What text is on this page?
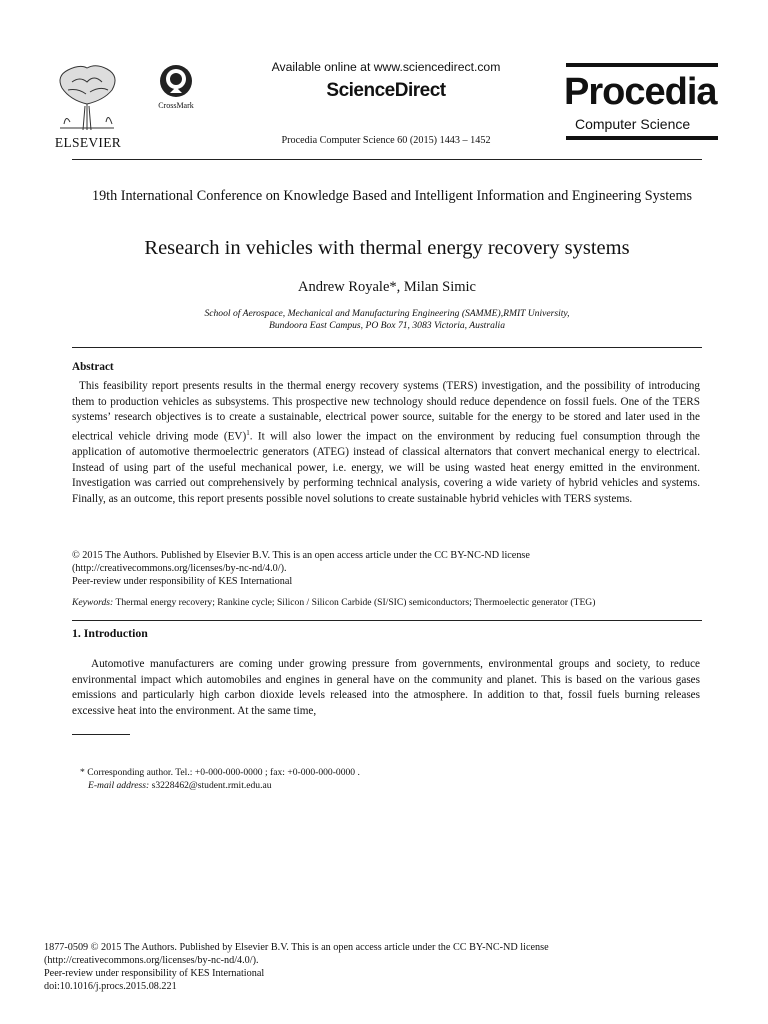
ELSEVIER
CrossMark
Available online at www.sciencedirect.com
ScienceDirect
Procedia Computer Science 60 (2015) 1443 – 1452
Procedia
Computer Science
19th International Conference on Knowledge Based and Intelligent Information and Engineering Systems
Research in vehicles with thermal energy recovery systems
Andrew Royale*, Milan Simic
School of Aerospace, Mechanical and Manufacturing Engineering (SAMME),RMIT University,
Bundoora East Campus, PO Box 71, 3083 Victoria, Australia
Abstract
This feasibility report presents results in the thermal energy recovery systems (TERS) investigation, and the possibility of introducing them to production vehicles as subsystems. This prospective new technology should reduce dependence on fossil fuels. One of the TERS systems’ research objectives is to create a sustainable, electrical power source, suitable for the energy to be stored and later used in the electrical vehicle driving mode (EV)$^1$. It will also lower the impact on the environment by reducing fuel consumption through the application of automotive thermoelectric generators (ATEG) instead of classical alternators that convert mechanical energy to electrical. Instead of using part of the useful mechanical power, i.e. energy, we will be using wasted heat energy emitted in the environment. Investigation was carried out comprehensively by performing technical analysis, covering a wide variety of hybrid vehicles and systems. Finally, as an outcome, this report presents possible novel solutions to create sustainable hybrid vehicles with TERS systems.
© 2015 The Authors. Published by Elsevier B.V. This is an open access article under the CC BY-NC-ND license
(http://creativecommons.org/licenses/by-nc-nd/4.0/).
Peer-review under responsibility of KES International
Keywords: Thermal energy recovery; Rankine cycle; Silicon / Silicon Carbide (SI/SIC) semiconductors; Thermoelectic generator (TEG)
1. Introduction
Automotive manufacturers are coming under growing pressure from governments, environmental groups and society, to reduce environmental impact which automobiles and engines in general have on the community and planet. This is based on the various gases emissions and particularly high carbon dioxide levels released into the atmosphere. In addition to that, fossil fuels burning releases excessive heat into the environment. At the same time,
* Corresponding author. Tel.: +0-000-000-0000 ; fax: +0-000-000-0000 .
E-mail address: s3228462@student.rmit.edu.au
1877-0509 © 2015 The Authors. Published by Elsevier B.V. This is an open access article under the CC BY-NC-ND license
(http://creativecommons.org/licenses/by-nc-nd/4.0/).
Peer-review under responsibility of KES International
doi:10.1016/j.procs.2015.08.221
